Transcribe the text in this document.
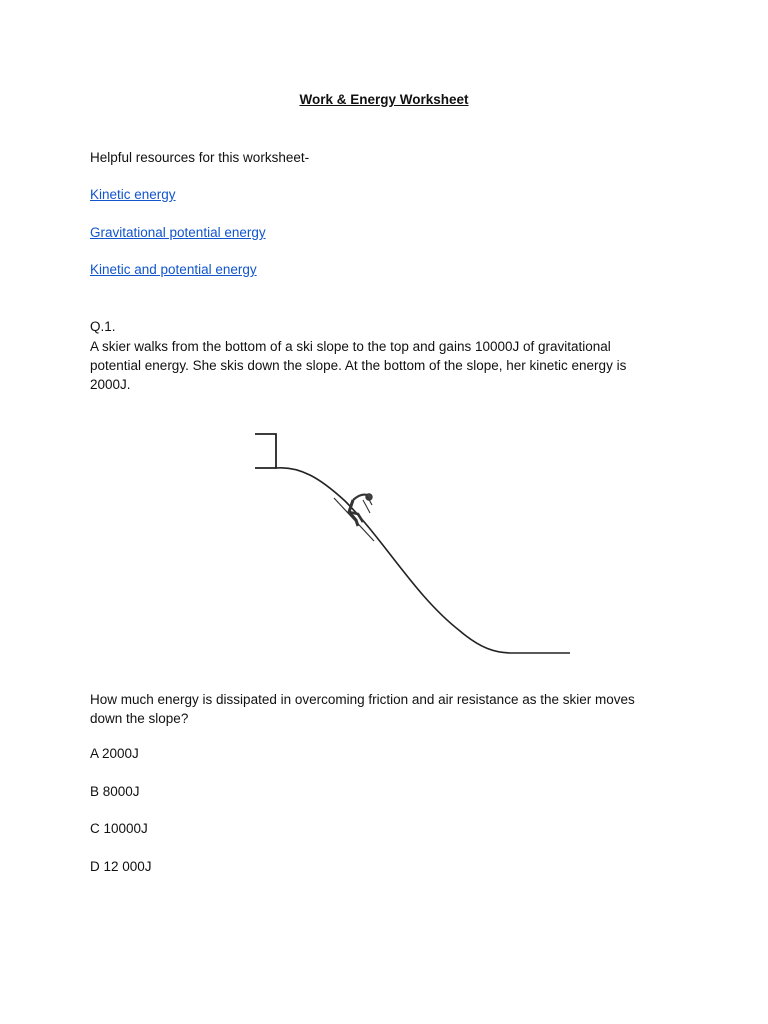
Work & Energy Worksheet
Helpful resources for this worksheet-
Kinetic energy
Gravitational potential energy
Kinetic and potential energy
Q.1.
A skier walks from the bottom of a ski slope to the top and gains 10000J of gravitational potential energy. She skis down the slope. At the bottom of the slope, her kinetic energy is 2000J.
How much energy is dissipated in overcoming friction and air resistance as the skier moves down the slope?
A 2000J
B 8000J
C 10000J
D 12 000J
